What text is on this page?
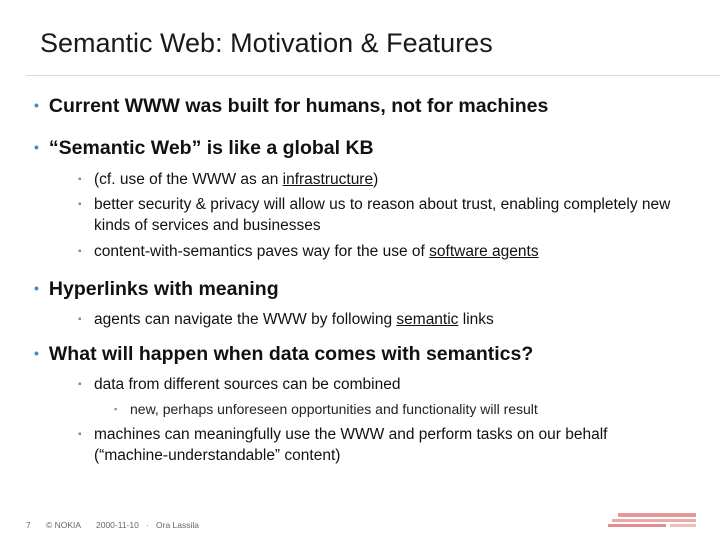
Semantic Web: Motivation & Features
• Current WWW was built for humans, not for machines
• “Semantic Web” is like a global KB
▪ (cf. use of the WWW as an infrastructure)
▪ better security & privacy will allow us to reason about trust, enabling completely new kinds of services and businesses
▪ content-with-semantics paves way for the use of software agents
• Hyperlinks with meaning
▪ agents can navigate the WWW by following semantic links
• What will happen when data comes with semantics?
▪ data from different sources can be combined
▪ new, perhaps unforeseen opportunities and functionality will result
▪ machines can meaningfully use the WWW and perform tasks on our behalf (“machine-understandable” content)
7 © NOKIA 2000-11-10 · Ora Lassila
